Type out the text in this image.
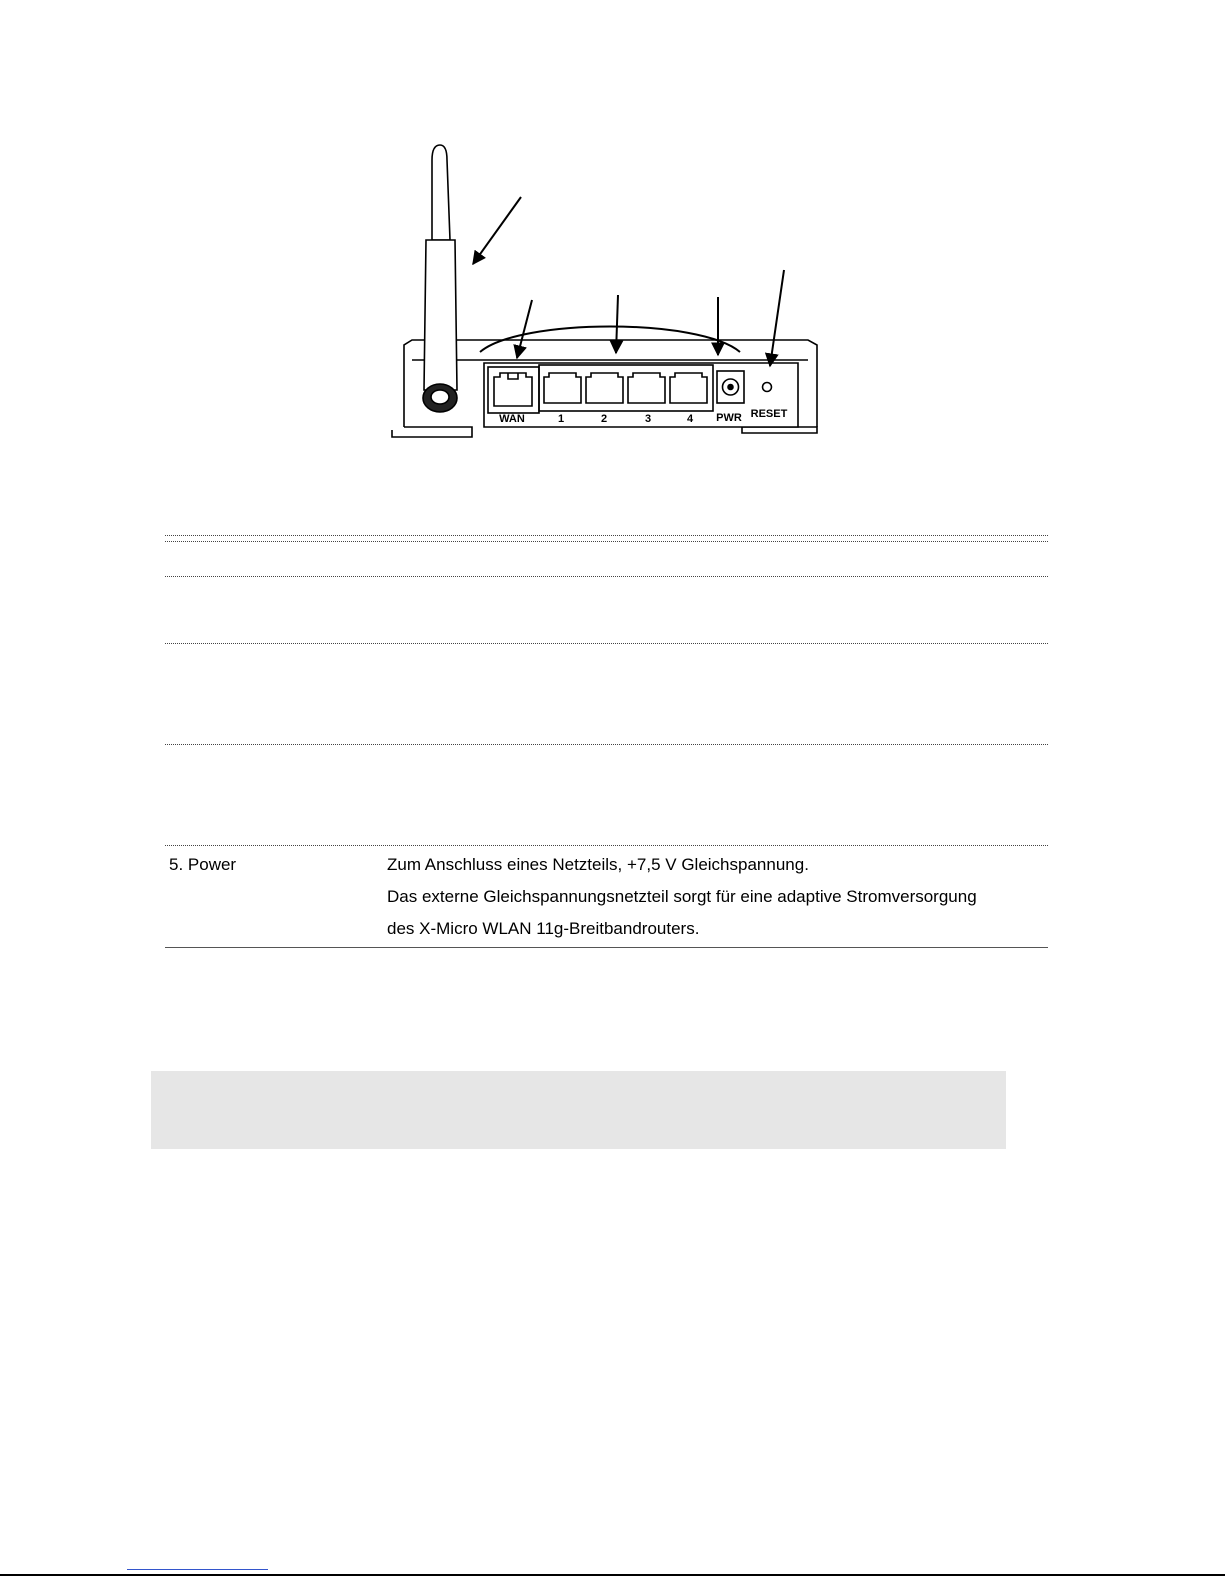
WAN	1	2	3	4 PWR RESET
5. Power	Zum Anschluss eines Netzteils, +7,5 V Gleichspannung.
Das externe Gleichspannungsnetzteil sorgt für eine adaptive Stromversorgung
des X-Micro WLAN 11g-Breitbandrouters.
